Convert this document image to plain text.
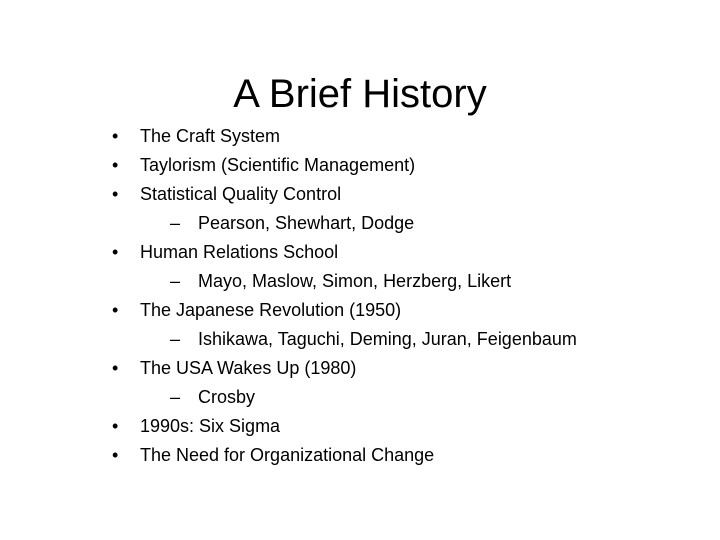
A Brief History
•	The Craft System
•	Taylorism (Scientific Management)
•	Statistical Quality Control
– Pearson, Shewhart, Dodge
•	Human Relations School
– Mayo, Maslow, Simon, Herzberg, Likert
•	The Japanese Revolution (1950)
– Ishikawa, Taguchi, Deming, Juran, Feigenbaum
•	The USA Wakes Up (1980)
– Crosby
•	1990s: Six Sigma
•	The Need for Organizational Change
